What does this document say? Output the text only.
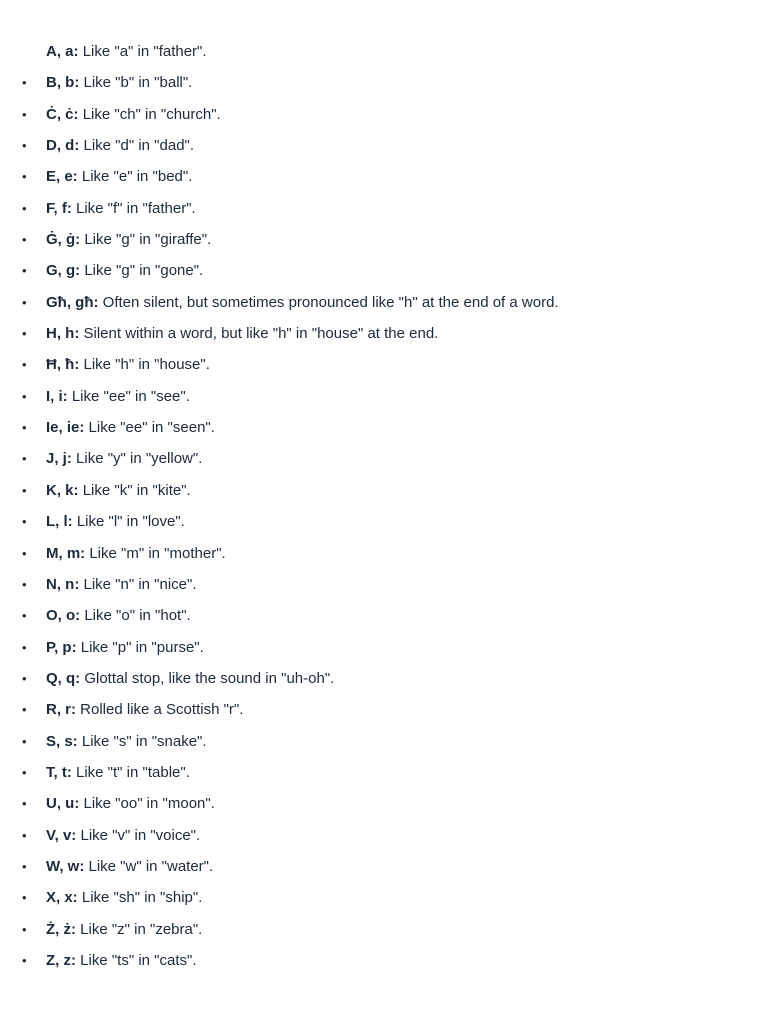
A, a: Like "a" in "father".
• B, b: Like "b" in "ball".
• Ċ, ċ: Like "ch" in "church".
• D, d: Like "d" in "dad".
• E, e: Like "e" in "bed".
• F, f: Like "f" in "father".
• Ġ, ġ: Like "g" in "giraffe".
• G, g: Like "g" in "gone".
• Għ, għ: Often silent, but sometimes pronounced like "h" at the end of a word.
• H, h: Silent within a word, but like "h" in "house" at the end.
• Ħ, ħ: Like "h" in "house".
• I, i: Like "ee" in "see".
• Ie, ie: Like "ee" in "seen".
• J, j: Like "y" in "yellow".
• K, k: Like "k" in "kite".
• L, l: Like "l" in "love".
• M, m: Like "m" in "mother".
• N, n: Like "n" in "nice".
• O, o: Like "o" in "hot".
• P, p: Like "p" in "purse".
• Q, q: Glottal stop, like the sound in "uh-oh".
• R, r: Rolled like a Scottish "r".
• S, s: Like "s" in "snake".
• T, t: Like "t" in "table".
• U, u: Like "oo" in "moon".
• V, v: Like "v" in "voice".
• W, w: Like "w" in "water".
• X, x: Like "sh" in "ship".
• Ż, ż: Like "z" in "zebra".
• Z, z: Like "ts" in "cats".
